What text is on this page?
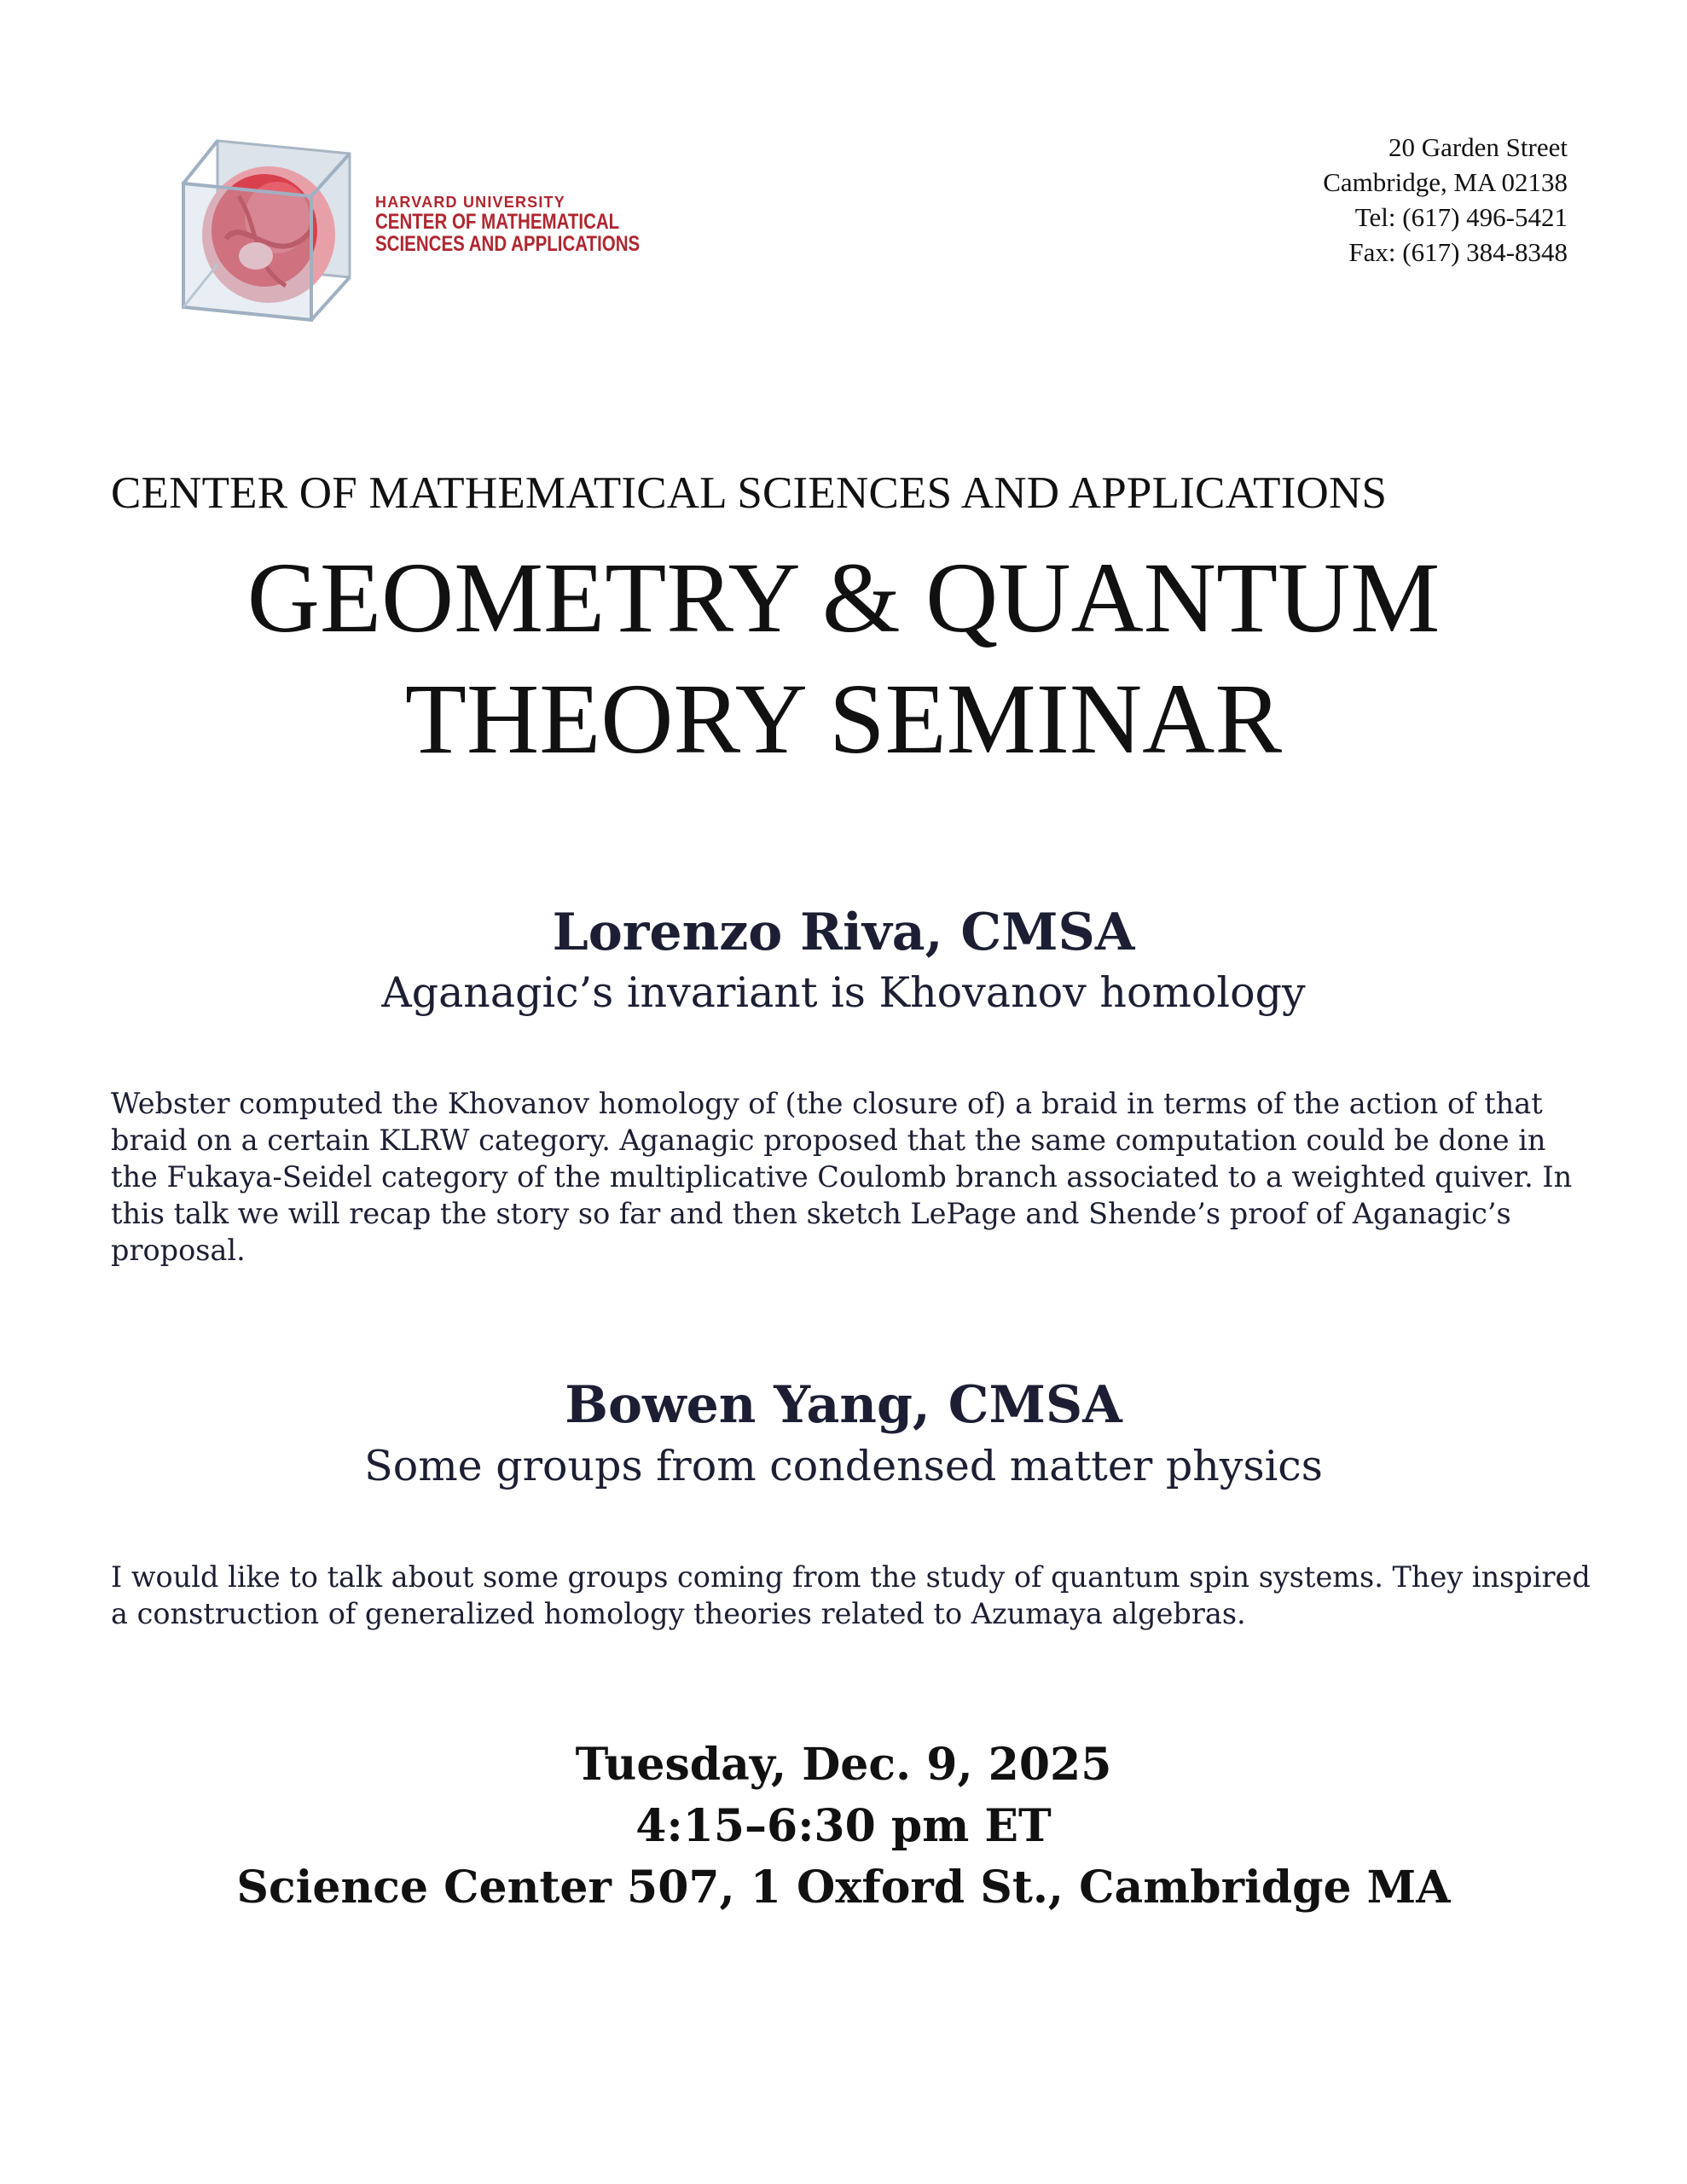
HARVARD UNIVERSITY
CENTER OF MATHEMATICAL
SCIENCES AND APPLICATIONS
20 Garden Street
Cambridge, MA 02138
Tel: (617) 496-5421
Fax: (617) 384-8348
CENTER OF MATHEMATICAL SCIENCES AND APPLICATIONS
GEOMETRY & QUANTUM
THEORY SEMINAR
Lorenzo Riva, CMSA
Aganagic’s invariant is Khovanov homology
Webster computed the Khovanov homology of (the closure of) a braid in terms of the action of that braid on a certain KLRW category. Aganagic proposed that the same computation could be done in the Fukaya-Seidel category of the multiplicative Coulomb branch associated to a weighted quiver. In this talk we will recap the story so far and then sketch LePage and Shende’s proof of Aganagic’s proposal.
Bowen Yang, CMSA
Some groups from condensed matter physics
I would like to talk about some groups coming from the study of quantum spin systems. They inspired a construction of generalized homology theories related to Azumaya algebras.
Tuesday, Dec. 9, 2025
4:15–6:30 pm ET
Science Center 507, 1 Oxford St., Cambridge MA
